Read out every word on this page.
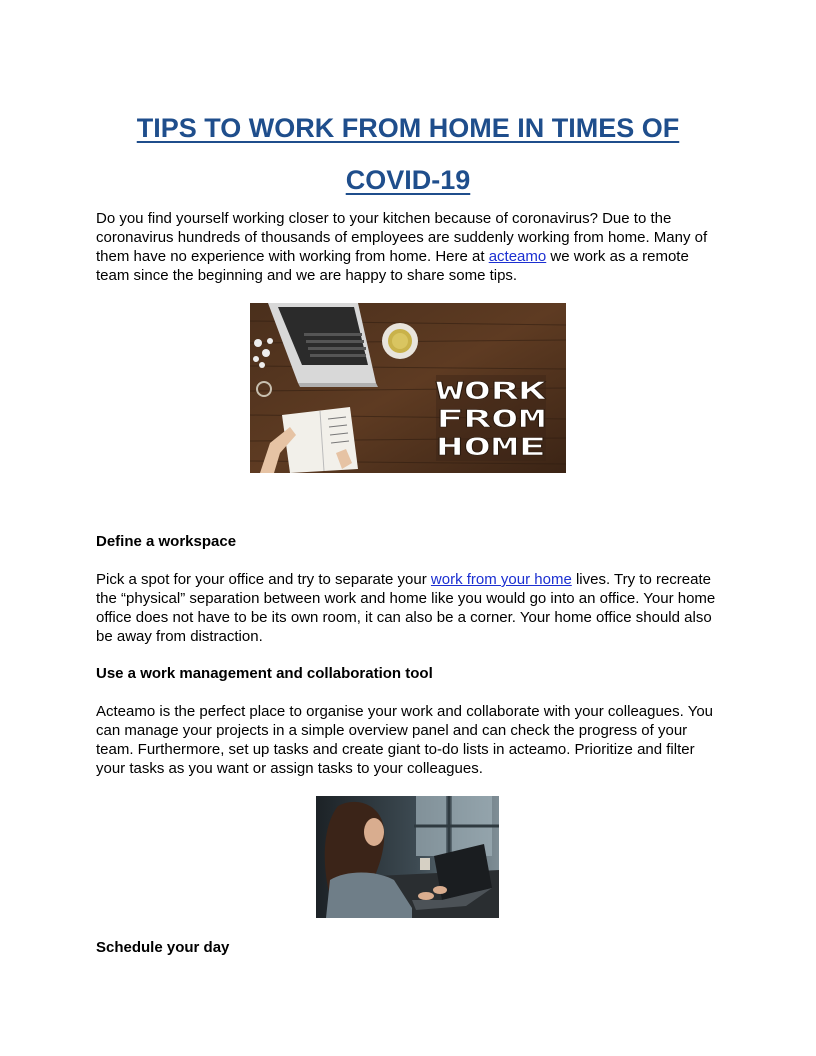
TIPS TO WORK FROM HOME IN TIMES OF
COVID-19

Do you find yourself working closer to your kitchen because of coronavirus? Due to the coronavirus hundreds of thousands of employees are suddenly working from home. Many of them have no experience with working from home. Here at acteamo we work as a remote team since the beginning and we are happy to share some tips.

WORK
FROM
HOME
Define a workspace

Pick a spot for your office and try to separate your work from your home lives. Try to recreate the “physical” separation between work and home like you would go into an office. Your home office does not have to be its own room, it can also be a corner. Your home office should also be away from distraction.

Use a work management and collaboration tool

Acteamo is the perfect place to organise your work and collaborate with your colleagues. You can manage your projects in a simple overview panel and can check the progress of your team. Furthermore, set up tasks and create giant to-do lists in acteamo. Prioritize and filter your tasks as you want or assign tasks to your colleagues.

Schedule your day
